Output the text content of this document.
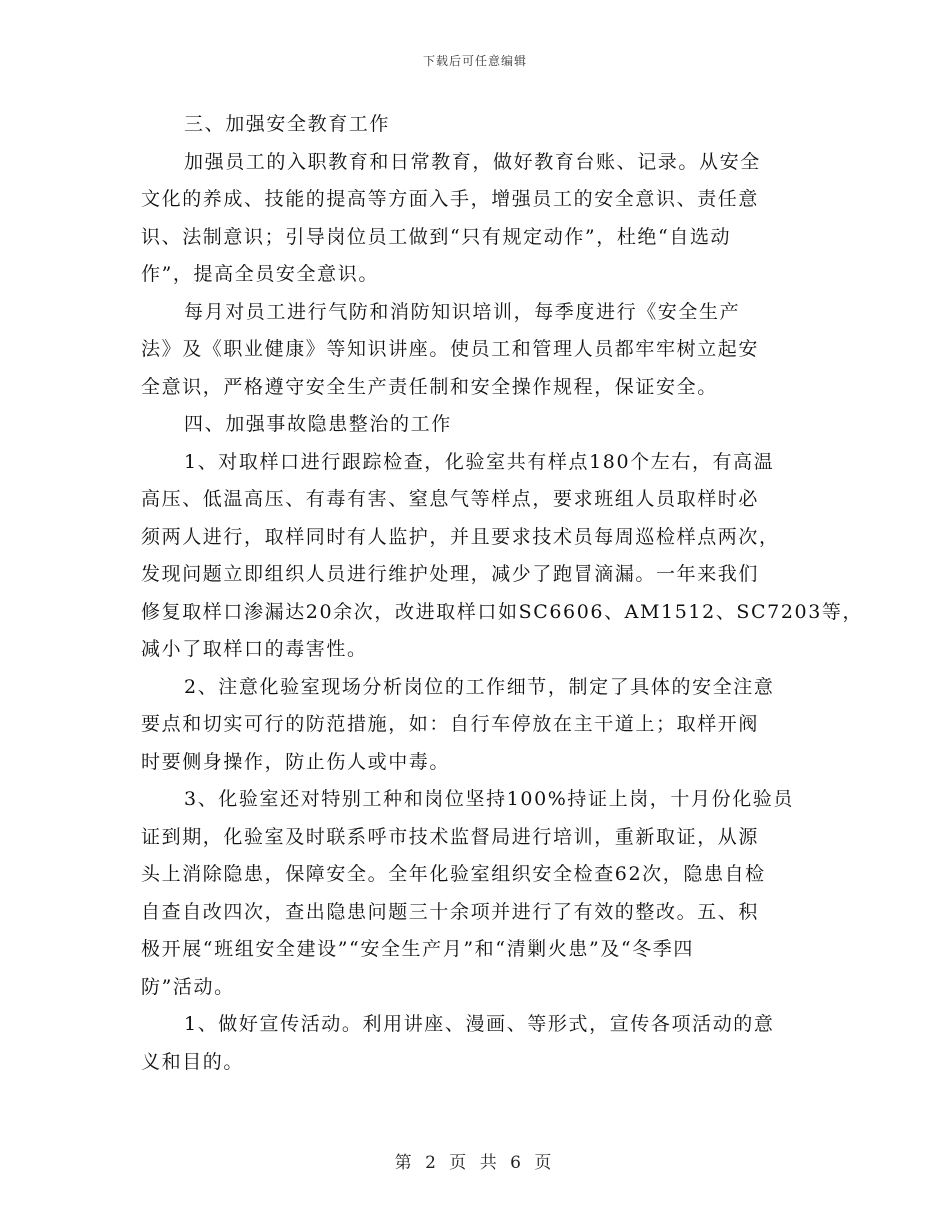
下载后可任意编辑
三、加强安全教育工作
加强员工的入职教育和日常教育，做好教育台账、记录。从安全
文化的养成、技能的提高等方面入手，增强员工的安全意识、责任意
识、法制意识；引导岗位员工做到“只有规定动作”，杜绝“自选动
作”，提高全员安全意识。
每月对员工进行气防和消防知识培训，每季度进行《安全生产
法》及《职业健康》等知识讲座。使员工和管理人员都牢牢树立起安
全意识，严格遵守安全生产责任制和安全操作规程，保证安全。
四、加强事故隐患整治的工作
1、对取样口进行跟踪检查，化验室共有样点180个左右，有高温
高压、低温高压、有毒有害、窒息气等样点，要求班组人员取样时必
须两人进行，取样同时有人监护，并且要求技术员每周巡检样点两次，
发现问题立即组织人员进行维护处理，减少了跑冒滴漏。一年来我们
修复取样口渗漏达20余次，改进取样口如SC6606、AM1512、SC7203等，
减小了取样口的毒害性。
2、注意化验室现场分析岗位的工作细节，制定了具体的安全注意
要点和切实可行的防范措施，如：自行车停放在主干道上；取样开阀
时要侧身操作，防止伤人或中毒。
3、化验室还对特别工种和岗位坚持100%持证上岗，十月份化验员
证到期，化验室及时联系呼市技术监督局进行培训，重新取证，从源
头上消除隐患，保障安全。全年化验室组织安全检查62次，隐患自检
自查自改四次，查出隐患问题三十余项并进行了有效的整改。五、积
极开展“班组安全建设”“安全生产月”和“清剿火患”及“冬季四
防”活动。
1、做好宣传活动。利用讲座、漫画、等形式，宣传各项活动的意
义和目的。
第 2 页 共 6 页
